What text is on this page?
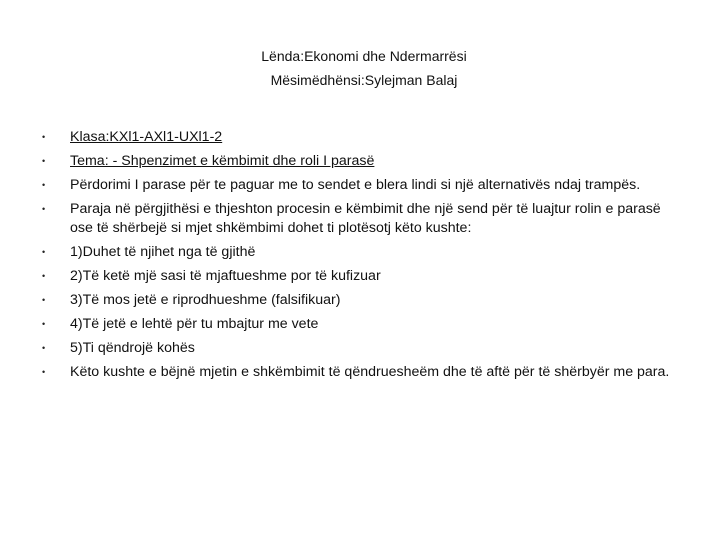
Lënda:Ekonomi dhe Ndermarrësi
Mësimëdhënsi:Sylejman Balaj
•	Klasa:KXl1-AXl1-UXl1-2
•	Tema: - Shpenzimet e këmbimit dhe roli I parasë
•	Përdorimi I parase për te paguar me to sendet e blera lindi si një alternativës ndaj trampës.
•	Paraja në përgjithësi e thjeshton procesin e këmbimit dhe një send për të luajtur rolin e parasë ose të shërbejë si mjet shkëmbimi dohet ti plotësotj këto kushte:
•	1)Duhet të njihet nga të gjithë
•	2)Të ketë mjë sasi të mjaftueshme por të kufizuar
•	3)Të mos jetë e riprodhueshme (falsifikuar)
•	4)Të jetë e lehtë për tu mbajtur me vete
•	5)Ti qëndrojë kohës
•	Këto kushte e bëjnë mjetin e shkëmbimit të qëndruesheëm dhe të aftë për të shërbyër me para.
